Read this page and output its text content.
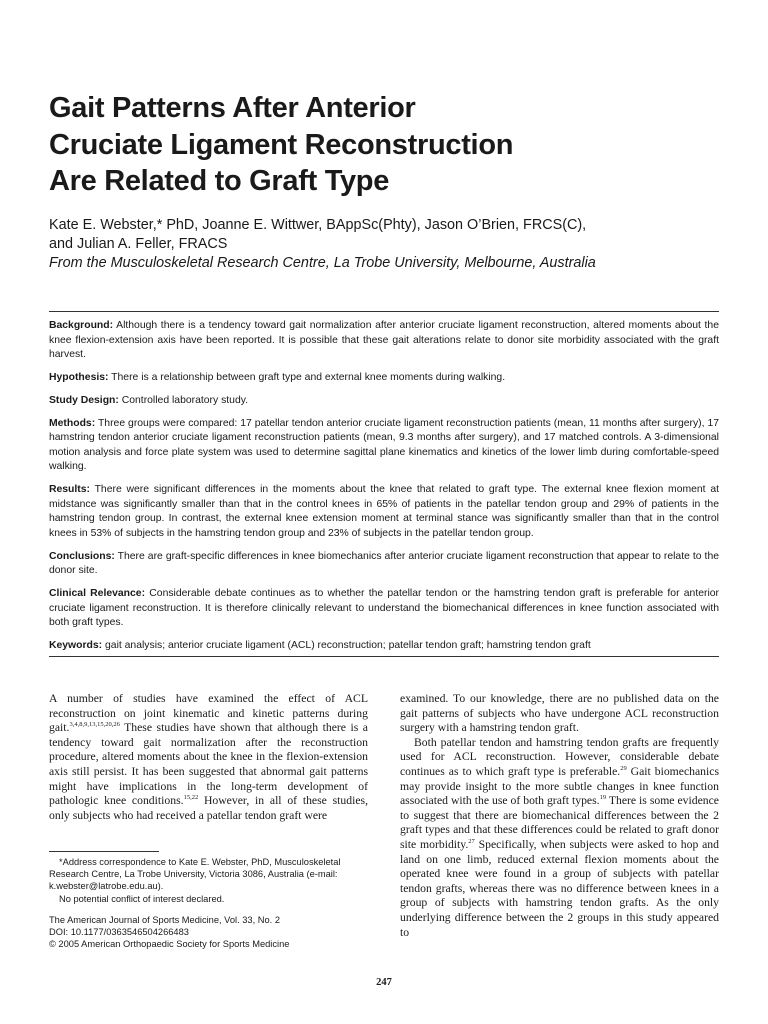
Gait Patterns After Anterior
Cruciate Ligament Reconstruction
Are Related to Graft Type
Kate E. Webster,* PhD, Joanne E. Wittwer, BAppSc(Phty), Jason O’Brien, FRCS(C),
and Julian A. Feller, FRACS
From the Musculoskeletal Research Centre, La Trobe University, Melbourne, Australia

Background: Although there is a tendency toward gait normalization after anterior cruciate ligament reconstruction, altered moments about the knee flexion-extension axis have been reported. It is possible that these gait alterations relate to donor site morbidity associated with the graft harvest.

Hypothesis: There is a relationship between graft type and external knee moments during walking.

Study Design: Controlled laboratory study.

Methods: Three groups were compared: 17 patellar tendon anterior cruciate ligament reconstruction patients (mean, 11 months after surgery), 17 hamstring tendon anterior cruciate ligament reconstruction patients (mean, 9.3 months after surgery), and 17 matched controls. A 3-dimensional motion analysis and force plate system was used to determine sagittal plane kinematics and kinetics of the lower limb during comfortable-speed walking.

Results: There were significant differences in the moments about the knee that related to graft type. The external knee flexion moment at midstance was significantly smaller than that in the control knees in 65% of patients in the patellar tendon group and 29% of patients in the hamstring tendon group. In contrast, the external knee extension moment at terminal stance was significantly smaller than that in the control knees in 53% of subjects in the hamstring tendon group and 23% of subjects in the patellar tendon group.

Conclusions: There are graft-specific differences in knee biomechanics after anterior cruciate ligament reconstruction that appear to relate to the donor site.

Clinical Relevance: Considerable debate continues as to whether the patellar tendon or the hamstring tendon graft is preferable for anterior cruciate ligament reconstruction. It is therefore clinically relevant to understand the biomechanical differences in knee function associated with both graft types.

Keywords: gait analysis; anterior cruciate ligament (ACL) reconstruction; patellar tendon graft; hamstring tendon graft

A number of studies have examined the effect of ACL reconstruction on joint kinematic and kinetic patterns during gait.$^{3,4,8,9,13,15,20,26}$ These studies have shown that although there is a tendency toward gait normalization after the reconstruction procedure, altered moments about the knee in the flexion-extension axis still persist. It has been suggested that abnormal gait patterns might have implications in the long-term development of pathologic knee conditions.$^{15,22}$ However, in all of these studies, only subjects who had received a patellar tendon graft were

*Address correspondence to Kate E. Webster, PhD, Musculoskeletal Research Centre, La Trobe University, Victoria 3086, Australia (e-mail: k.webster@latrobe.edu.au).

No potential conflict of interest declared.

The American Journal of Sports Medicine, Vol. 33, No. 2
DOI: 10.1177/0363546504266483
© 2005 American Orthopaedic Society for Sports Medicine

examined. To our knowledge, there are no published data on the gait patterns of subjects who have undergone ACL reconstruction surgery with a hamstring tendon graft.

Both patellar tendon and hamstring tendon grafts are frequently used for ACL reconstruction. However, considerable debate continues as to which graft type is preferable.$^{29}$ Gait biomechanics may provide insight to the more subtle changes in knee function associated with the use of both graft types.$^{19}$ There is some evidence to suggest that there are biomechanical differences between the 2 graft types and that these differences could be related to graft donor site morbidity.$^{27}$ Specifically, when subjects were asked to hop and land on one limb, reduced external flexion moments about the operated knee were found in a group of subjects with patellar tendon grafts, whereas there was no difference between knees in a group of subjects with hamstring tendon grafts. As the only underlying difference between the 2 groups in this study appeared to

247
